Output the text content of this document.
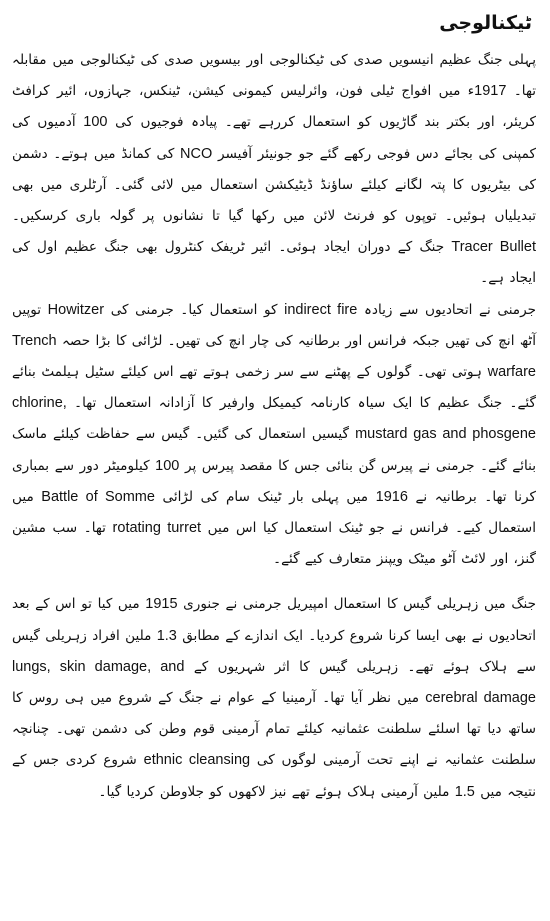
ٹیکنالوجی

پہلی جنگ عظیم انیسویں صدی کی ٹیکنالوجی اور بیسویں صدی کی ٹیکنالوجی میں مقابلہ تھا۔ 1917ء میں افواج ٹیلی فون، وائرلیس کیمونی کیشن، ٹینکس، جہازوں، ائیر کرافٹ کریئر، اور بکتر بند گاڑیوں کو استعمال کررہے تھے۔ پیادہ فوجیوں کی 100 آدمیوں کی کمپنی کی بجائے دس فوجی رکھے گئے جو جونیئر آفیسر NCO کی کمانڈ میں ہوتے۔ دشمن کی بیٹریوں کا پتہ لگانے کیلئے ساؤنڈ ڈیٹیکشن استعمال میں لائی گئی۔ آرٹلری میں بھی تبدیلیاں ہوئیں۔ توپوں کو فرنٹ لائن میں رکھا گیا تا نشانوں پر گولہ باری کرسکیں۔ Tracer Bullet جنگ کے دوران ایجاد ہوئی۔ ائیر ٹریفک کنٹرول بھی جنگ عظیم اول کی ایجاد ہے۔

جرمنی نے اتحادیوں سے زیادہ indirect fire کو استعمال کیا۔ جرمنی کی Howitzer توپیں آٹھ انچ کی تھیں جبکہ فرانس اور برطانیہ کی چار انچ کی تھیں۔ لڑائی کا بڑا حصہ Trench warfare ہوتی تھی۔ گولوں کے پھٹنے سے سر زخمی ہوتے تھے اس کیلئے سٹیل ہیلمٹ بنائے گئے۔ جنگ عظیم کا ایک سیاہ کارنامہ کیمیکل وارفیر کا آزادانہ استعمال تھا۔ chlorine, mustard gas and phosgene گیسیں استعمال کی گئیں۔ گیس سے حفاظت کیلئے ماسک بنائے گئے۔ جرمنی نے پیرس گن بنائی جس کا مقصد پیرس پر 100 کیلومیٹر دور سے بمباری کرنا تھا۔ برطانیہ نے 1916 میں پہلی بار ٹینک سام کی لڑائی Battle of Somme میں استعمال کیے۔ فرانس نے جو ٹینک استعمال کیا اس میں rotating turret تھا۔ سب مشین گنز، اور لائٹ آٹو میٹک ویپنز متعارف کیے گئے۔

جنگ میں زہریلی گیس کا استعمال امپیریل جرمنی نے جنوری 1915 میں کیا تو اس کے بعد اتحادیوں نے بھی ایسا کرنا شروع کردیا۔ ایک اندازے کے مطابق 1.3 ملین افراد زہریلی گیس سے ہلاک ہوئے تھے۔ زہریلی گیس کا اثر شہریوں کے lungs, skin damage, and cerebral damage میں نظر آیا تھا۔ آرمینیا کے عوام نے جنگ کے شروع میں ہی روس کا ساتھ دیا تھا اسلئے سلطنت عثمانیہ کیلئے تمام آرمینی قوم وطن کی دشمن تھی۔ چنانچہ سلطنت عثمانیہ نے اپنے تحت آرمینی لوگوں کی ethnic cleansing شروع کردی جس کے نتیجہ میں 1.5 ملین آرمینی ہلاک ہوئے تھے نیز لاکھوں کو جلاوطن کردیا گیا۔
